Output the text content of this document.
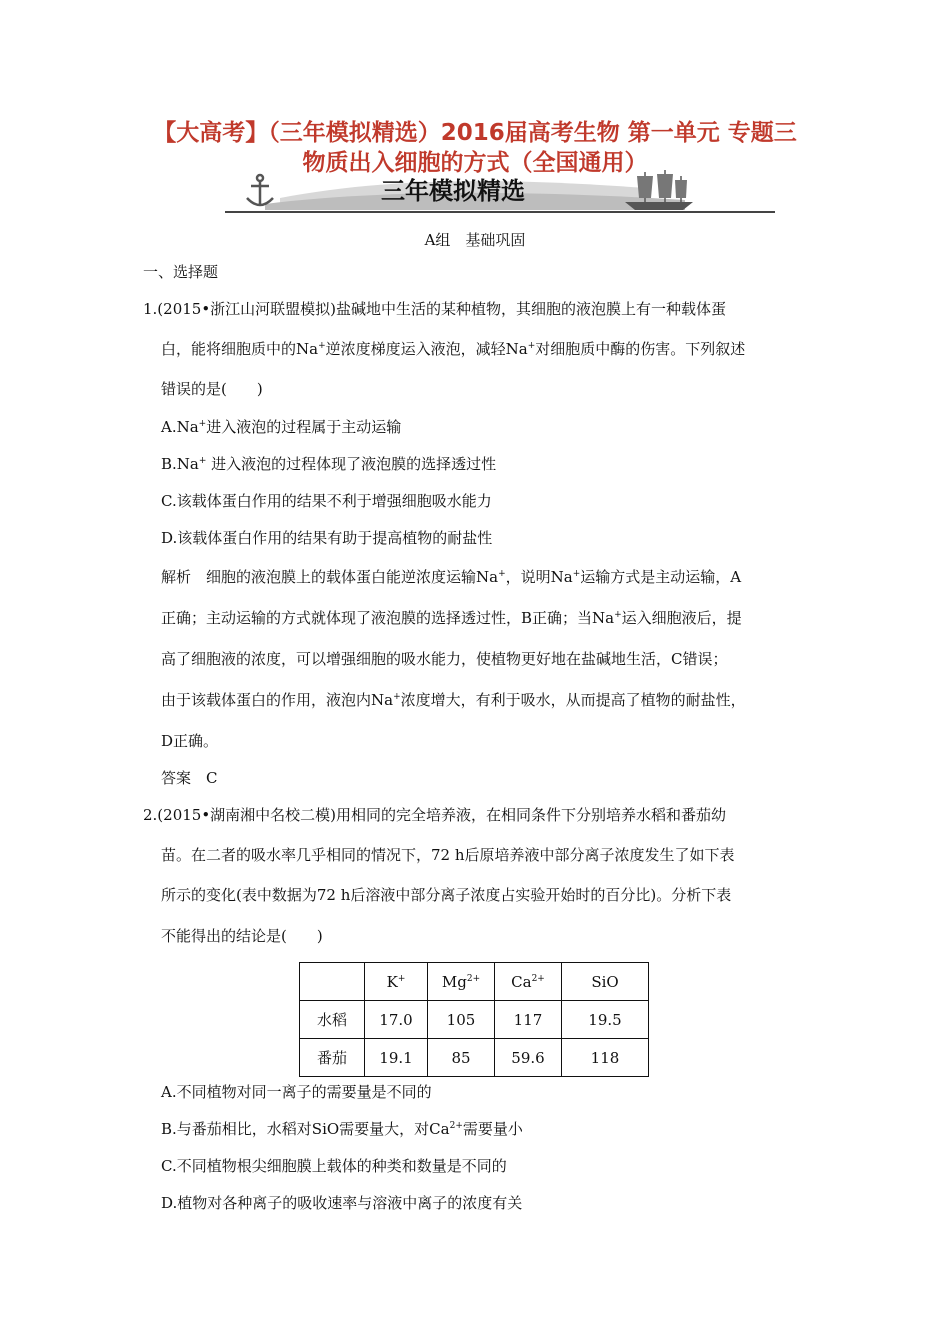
【大高考】（三年模拟精选）2016届高考生物 第一单元 专题三
物质出入细胞的方式（全国通用）
三年模拟精选
A组　基础巩固
一、选择题
1.(2015•浙江山河联盟模拟)盐碱地中生活的某种植物，其细胞的液泡膜上有一种载体蛋
白，能将细胞质中的Na+逆浓度梯度运入液泡，减轻Na+对细胞质中酶的伤害。下列叙述
错误的是(　　)
A.Na+进入液泡的过程属于主动运输
B.Na+ 进入液泡的过程体现了液泡膜的选择透过性
C.该载体蛋白作用的结果不利于增强细胞吸水能力
D.该载体蛋白作用的结果有助于提高植物的耐盐性
解析　细胞的液泡膜上的载体蛋白能逆浓度运输Na+，说明Na+运输方式是主动运输，A
正确；主动运输的方式就体现了液泡膜的选择透过性，B正确；当Na+运入细胞液后，提
高了细胞液的浓度，可以增强细胞的吸水能力，使植物更好地在盐碱地生活，C错误；
由于该载体蛋白的作用，液泡内Na+浓度增大，有利于吸水，从而提高了植物的耐盐性，
D正确。
答案　C
2.(2015•湖南湘中名校二模)用相同的完全培养液，在相同条件下分别培养水稻和番茄幼
苗。在二者的吸水率几乎相同的情况下，72 h后原培养液中部分离子浓度发生了如下表
所示的变化(表中数据为72 h后溶液中部分离子浓度占实验开始时的百分比)。分析下表
不能得出的结论是(　　)
	K+	$Mg^{2+}$	$Ca^{2+}$	SiO
水稻	17.0	105	117	19.5
番茄	19.1	85	59.6	118
A.不同植物对同一离子的需要量是不同的
B.与番茄相比，水稻对SiO需要量大，对$Ca^{2+}$需要量小
C.不同植物根尖细胞膜上载体的种类和数量是不同的
D.植物对各种离子的吸收速率与溶液中离子的浓度有关
